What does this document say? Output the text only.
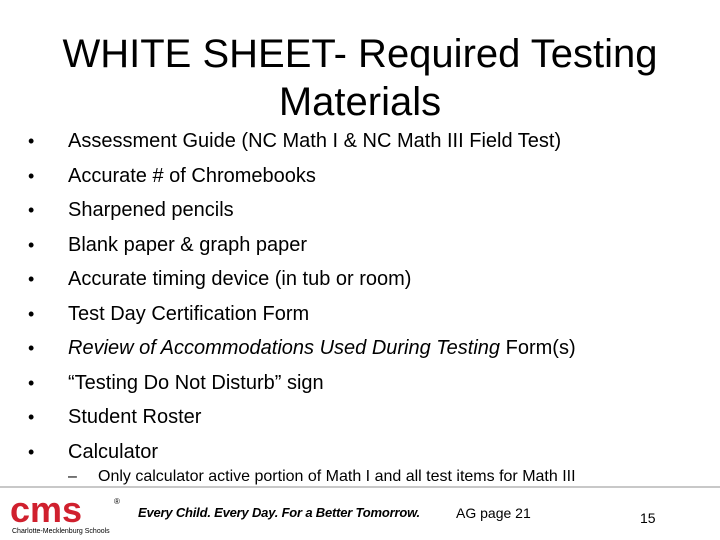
WHITE SHEET- Required Testing Materials
• Assessment Guide (NC Math I & NC Math III Field Test)
• Accurate # of Chromebooks
• Sharpened pencils
• Blank paper & graph paper
• Accurate timing device (in tub or room)
• Test Day Certification Form
• Review of Accommodations Used During Testing Form(s)
• “Testing Do Not Disturb” sign
• Student Roster
• Calculator
– Only calculator active portion of Math I and all test items for Math III
cms	®
Charlotte-Mecklenburg Schools
Every Child. Every Day. For a Better Tomorrow.	AG page 21	15
